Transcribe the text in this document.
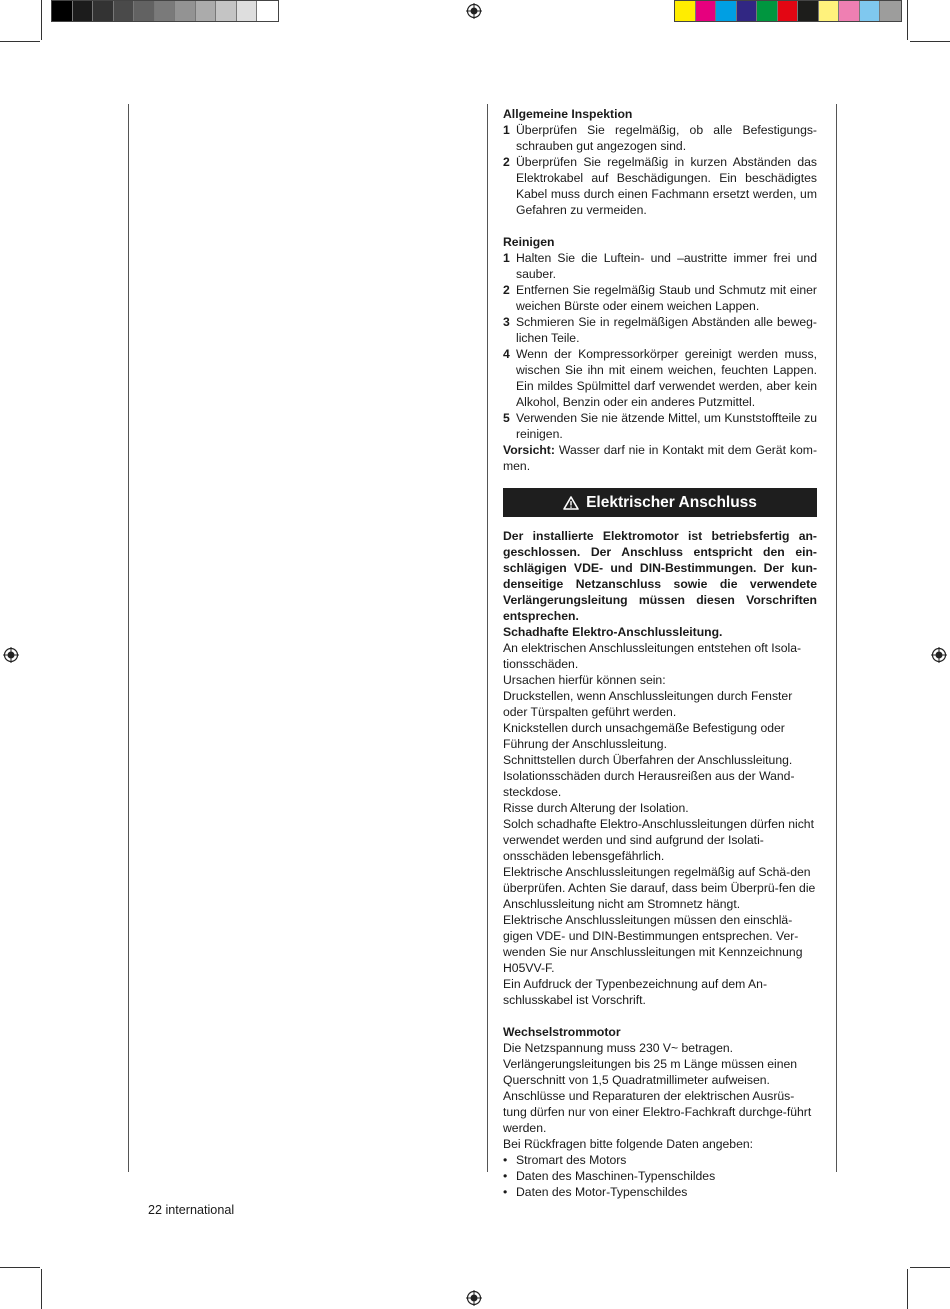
Allgemeine Inspektion

1 Überprüfen Sie regelmäßig, ob alle Befestigungs-schrauben gut angezogen sind.
2 Überprüfen Sie regelmäßig in kurzen Abständen das Elektrokabel auf Beschädigungen. Ein beschädigtes Kabel muss durch einen Fachmann ersetzt werden, um Gefahren zu vermeiden.

Reinigen

1 Halten Sie die Luftein- und –austritte immer frei und sauber.
2 Entfernen Sie regelmäßig Staub und Schmutz mit einer weichen Bürste oder einem weichen Lappen.
3 Schmieren Sie in regelmäßigen Abständen alle beweg-lichen Teile.
4 Wenn der Kompressorkörper gereinigt werden muss, wischen Sie ihn mit einem weichen, feuchten Lappen. Ein mildes Spülmittel darf verwendet werden, aber kein Alkohol, Benzin oder ein anderes Putzmittel.
5 Verwenden Sie nie ätzende Mittel, um Kunststoffteile zu reinigen.

Vorsicht: Wasser darf nie in Kontakt mit dem Gerät kom-men.

Elektrischer Anschluss

Der installierte Elektromotor ist betriebsfertig an-geschlossen. Der Anschluss entspricht den ein-schlägigen VDE- und DIN-Bestimmungen. Der kun-denseitige Netzanschluss sowie die verwendete Verlängerungsleitung müssen diesen Vorschriften entsprechen.

Schadhafte Elektro-Anschlussleitung.

An elektrischen Anschlussleitungen entstehen oft Isola-tionsschäden.

Ursachen hierfür können sein:

Druckstellen, wenn Anschlussleitungen durch Fenster oder Türspalten geführt werden.

Knickstellen durch unsachgemäße Befestigung oder Führung der Anschlussleitung.

Schnittstellen durch Überfahren der Anschlussleitung.

Isolationsschäden durch Herausreißen aus der Wand-steckdose.

Risse durch Alterung der Isolation.

Solch schadhafte Elektro-Anschlussleitungen dürfen nicht verwendet werden und sind aufgrund der Isolati-onsschäden lebensgefährlich.

Elektrische Anschlussleitungen regelmäßig auf Schä-den überprüfen. Achten Sie darauf, dass beim Überprü-fen die Anschlussleitung nicht am Stromnetz hängt.

Elektrische Anschlussleitungen müssen den einschlä-gigen VDE- und DIN-Bestimmungen entsprechen. Ver-wenden Sie nur Anschlussleitungen mit Kennzeichnung H05VV-F.

Ein Aufdruck der Typenbezeichnung auf dem An-schlusskabel ist Vorschrift.

Wechselstrommotor

Die Netzspannung muss 230 V~ betragen.

Verlängerungsleitungen bis 25 m Länge müssen einen Querschnitt von 1,5 Quadratmillimeter aufweisen.

Anschlüsse und Reparaturen der elektrischen Ausrüs-tung dürfen nur von einer Elektro-Fachkraft durchge-führt werden.

Bei Rückfragen bitte folgende Daten angeben:

• Stromart des Motors
• Daten des Maschinen-Typenschildes
• Daten des Motor-Typenschildes
22 international
